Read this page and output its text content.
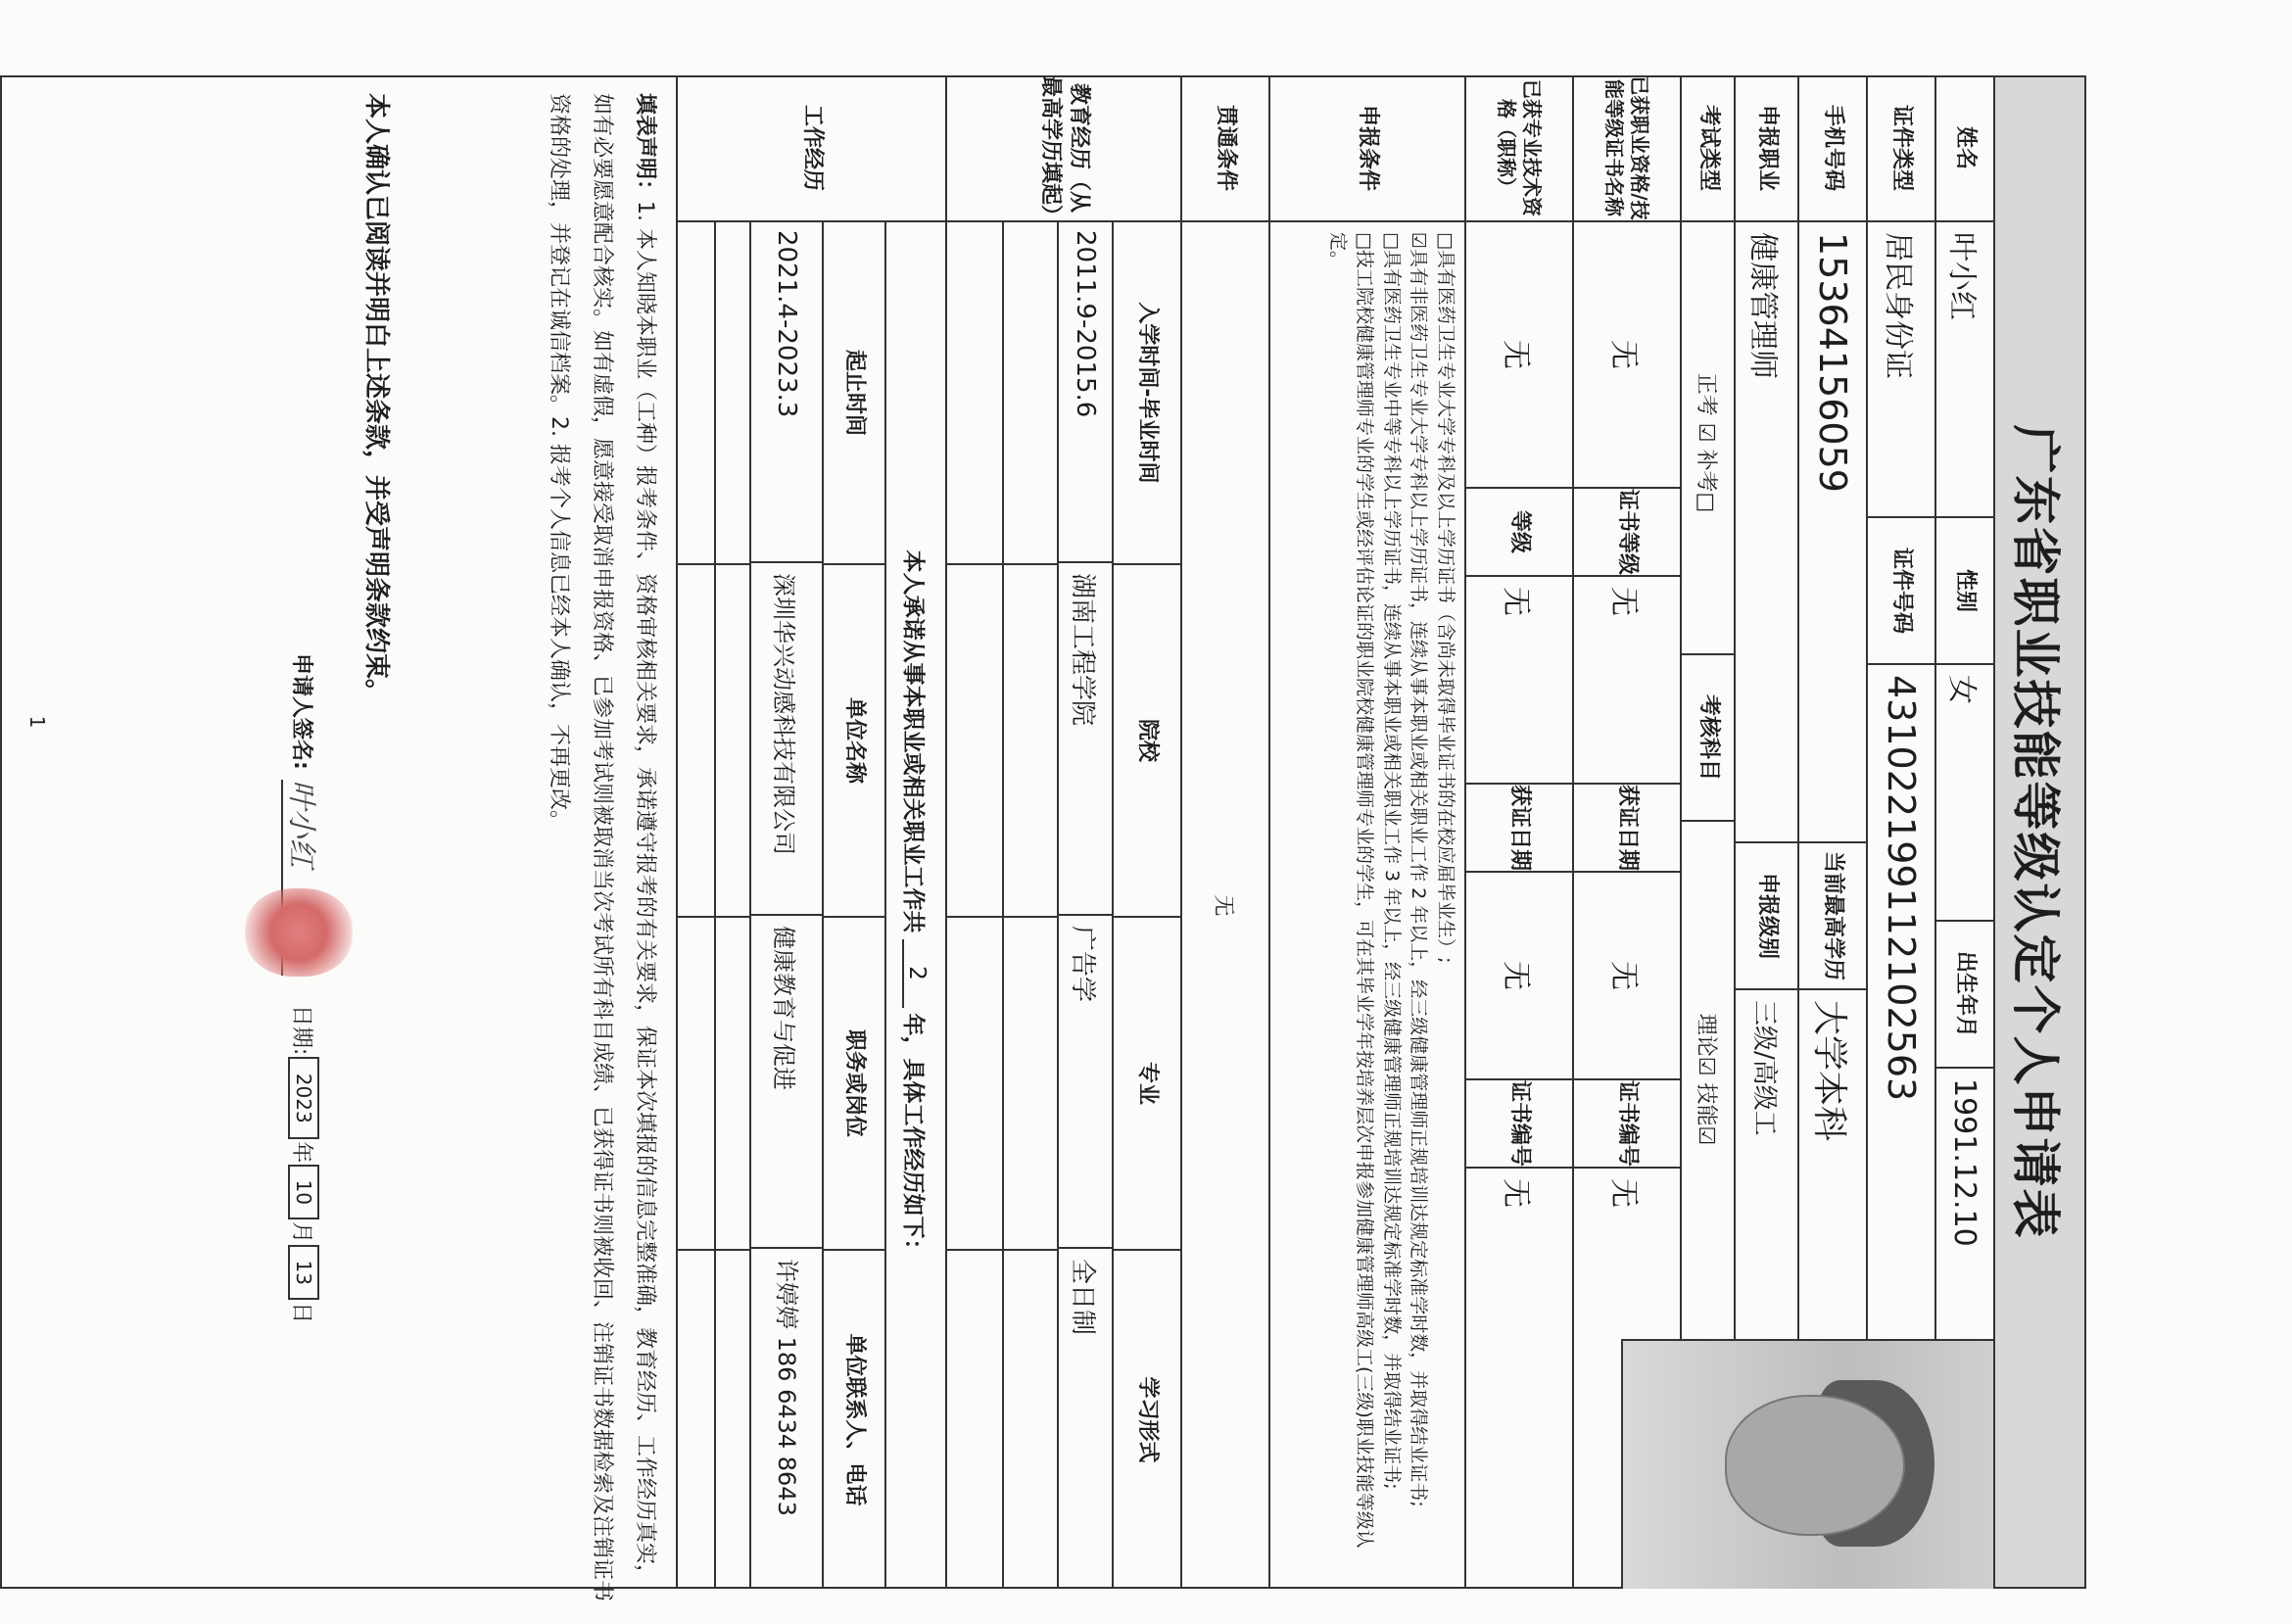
广东省职业技能等级认定个人申请表
姓名
叶小红
性别
女
出生年月
1991.12.10
证件类型
居民身份证
证件号码
431022199112102563
手机号码
15364156059
当前最高学历
大学本科
申报职业
健康管理师
申报级别
三级/高级工
考试类型
正考 ☑ 补考□
考核科目
理论☑ 技能☑
已获职业资格/技能等级证书名称
无
证书等级
无
获证日期
无
证书编号
无
已获专业技术资格（职称）
无
等级
无
获证日期
无
证书编号
无
申报条件
□具有医药卫生专业大学专科及以上学历证书（含尚未取得毕业证书的在校应届毕业生）;
☑具有非医药卫生专业大学专科以上学历证书，连续从事本职业或相关职业工作 2 年以上，经三级健康管理师正规培训达规定标准学时数，并取得结业证书;
□具有医药卫生专业中等专科以上学历证书，连续从事本职业或相关职业工作 3 年以上，经三级健康管理师正规培训达规定标准学时数，并取得结业证书;
□技工院校健康管理师专业的学生或经评估论证的职业院校健康管理师专业的学生，可在其毕业学年按培养层次申报参加健康管理师高级工(三级)职业技能等级认定。
贯通条件
无
教育经历（从最高学历填起）
入学时间-毕业时间
院校
专业
学习形式
2011.9-2015.6
湖南工程学院
广告学
全日制
工作经历
本人承诺从事本职业或相关职业工作共
2
年，具体工作经历如下：
起止时间
单位名称
职务或岗位
单位联系人、电话
2021.4-2023.3
深圳华兴动感科技有限公司
健康教育与促进
许婷婷 186 6434 8643
填表声明：1. 本人知晓本职业（工种）报考条件、资格审核相关要求，承诺遵守报考的有关要求，保证本次填报的信息完整准确，教育经历、工作经历真实，如有必要愿意配合核实。如有虚假，愿意接受取消申报资格、已参加考试则被取消当次考试所有科目成绩、已获得证书则被收回、注销证书数据检索及注销证书资格的处理，并登记在诚信档案。2. 报考个人信息已经本人确认，不再更改。
本人确认已阅读并明白上述条款，并受声明条款约束。
申请人签名:
叶小红
日期:
2023
年
10
月
13
日
1
